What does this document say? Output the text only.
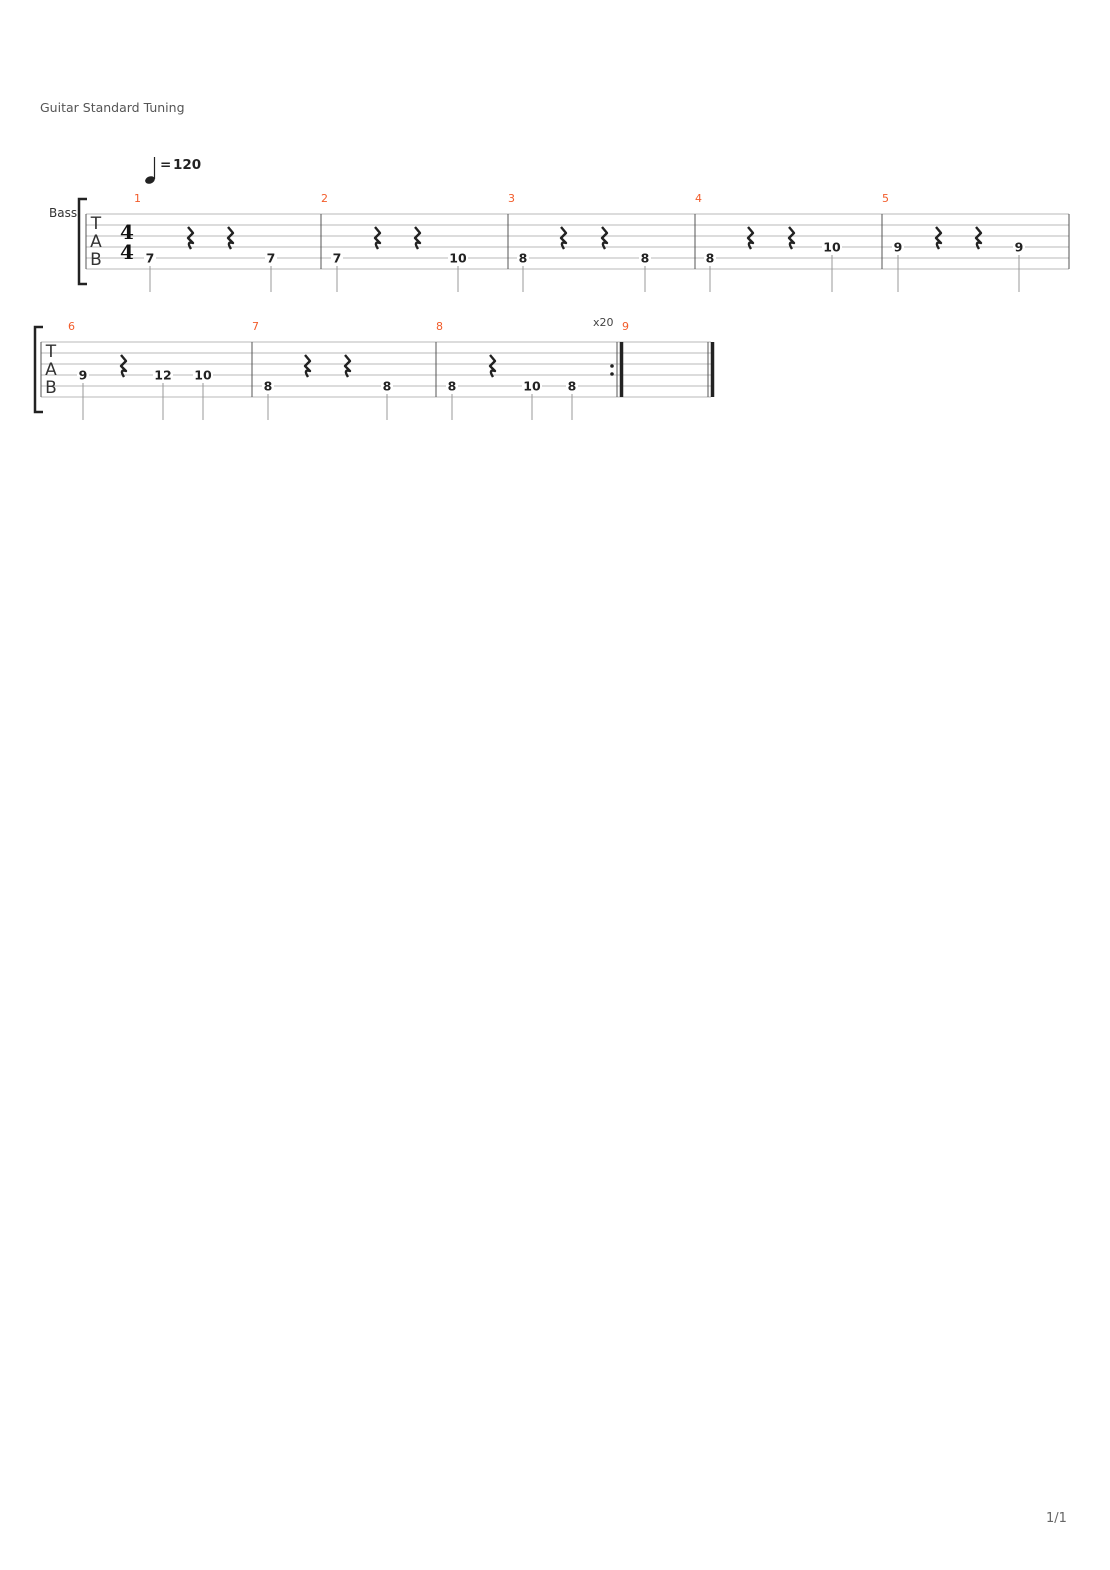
Guitar Standard Tuning
T
A
B
Bass
= 120
1
4
4 7	7
2
7	10
3
8	8
4
8
10
5
9	9
T
A
B
6
9	12 10
7
8	8
8	x20
8	10 8
9
1/1
